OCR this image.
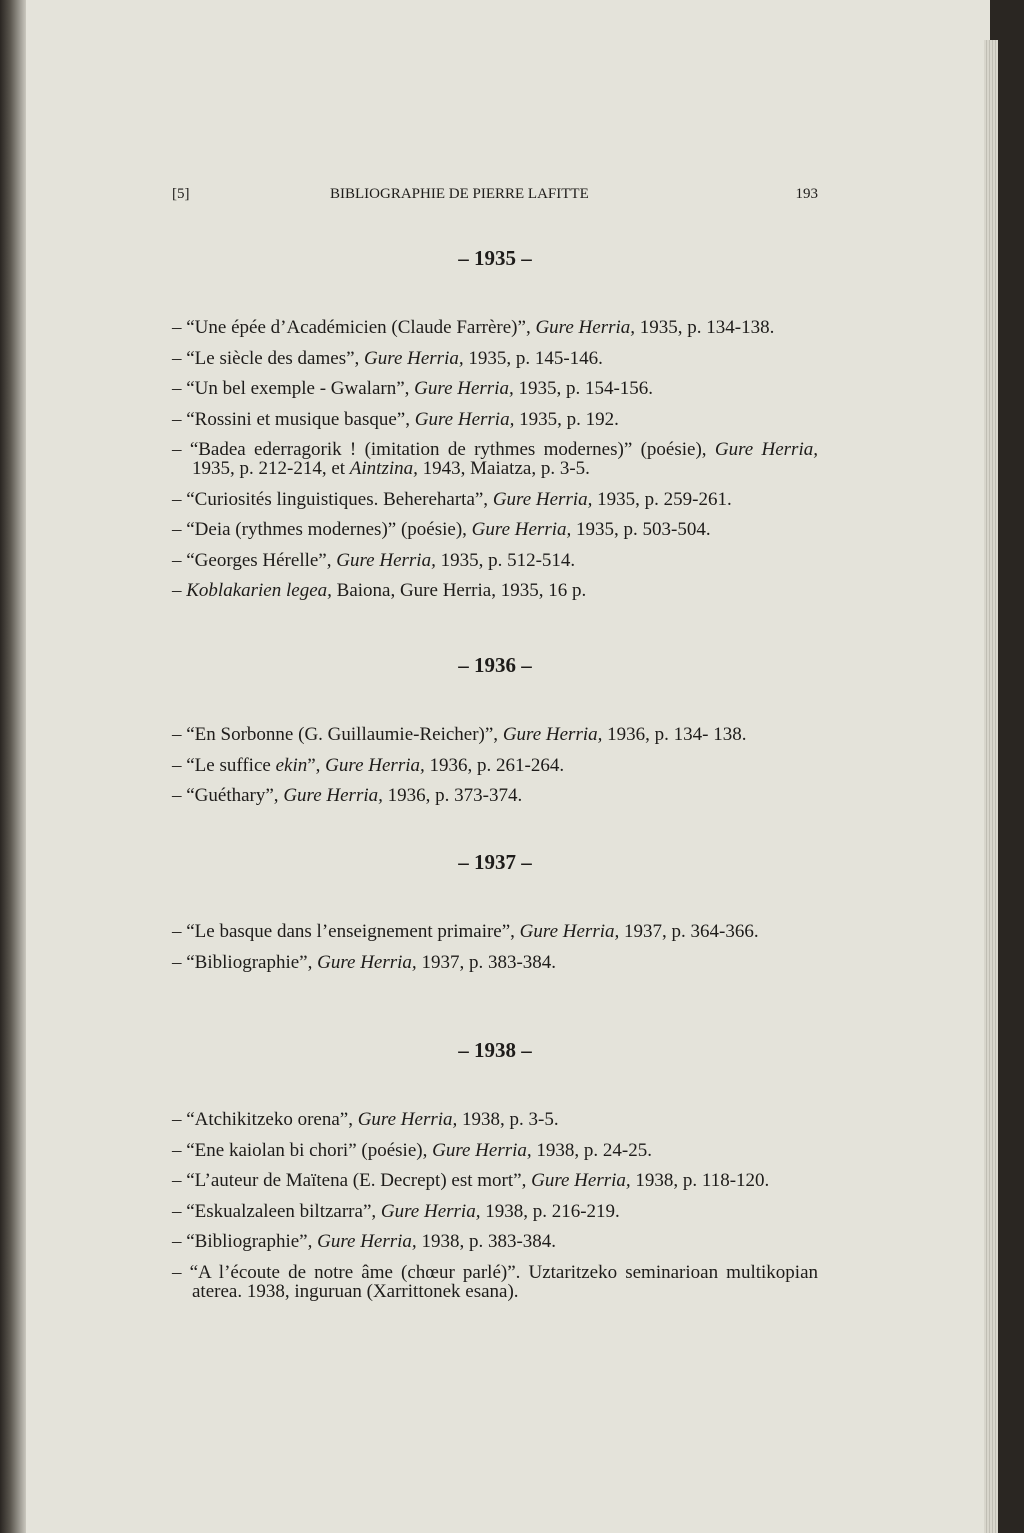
[5]	BIBLIOGRAPHIE DE PIERRE LAFITTE	193
– 1935 –
– “Une épée d’Académicien (Claude Farrère)”, Gure Herria, 1935, p. 134-138.
– “Le siècle des dames”, Gure Herria, 1935, p. 145-146.
– “Un bel exemple - Gwalarn”, Gure Herria, 1935, p. 154-156.
– “Rossini et musique basque”, Gure Herria, 1935, p. 192.
– “Badea ederragorik ! (imitation de rythmes modernes)” (poésie), Gure Herria, 1935, p. 212-214, et Aintzina, 1943, Maiatza, p. 3-5.
– “Curiosités linguistiques. Behereharta”, Gure Herria, 1935, p. 259-261.
– “Deia (rythmes modernes)” (poésie), Gure Herria, 1935, p. 503-504.
– “Georges Hérelle”, Gure Herria, 1935, p. 512-514.
– Koblakarien legea, Baiona, Gure Herria, 1935, 16 p.
– 1936 –
– “En Sorbonne (G. Guillaumie-Reicher)”, Gure Herria, 1936, p. 134- 138.
– “Le suffice ekin”, Gure Herria, 1936, p. 261-264.
– “Guéthary”, Gure Herria, 1936, p. 373-374.
– 1937 –
– “Le basque dans l’enseignement primaire”, Gure Herria, 1937, p. 364-366.
– “Bibliographie”, Gure Herria, 1937, p. 383-384.
– 1938 –
– “Atchikitzeko orena”, Gure Herria, 1938, p. 3-5.
– “Ene kaiolan bi chori” (poésie), Gure Herria, 1938, p. 24-25.
– “L’auteur de Maïtena (E. Decrept) est mort”, Gure Herria, 1938, p. 118-120.
– “Eskualzaleen biltzarra”, Gure Herria, 1938, p. 216-219.
– “Bibliographie”, Gure Herria, 1938, p. 383-384.
– “A l’écoute de notre âme (chœur parlé)”. Uztaritzeko seminarioan multikopian aterea. 1938, inguruan (Xarrittonek esana).
